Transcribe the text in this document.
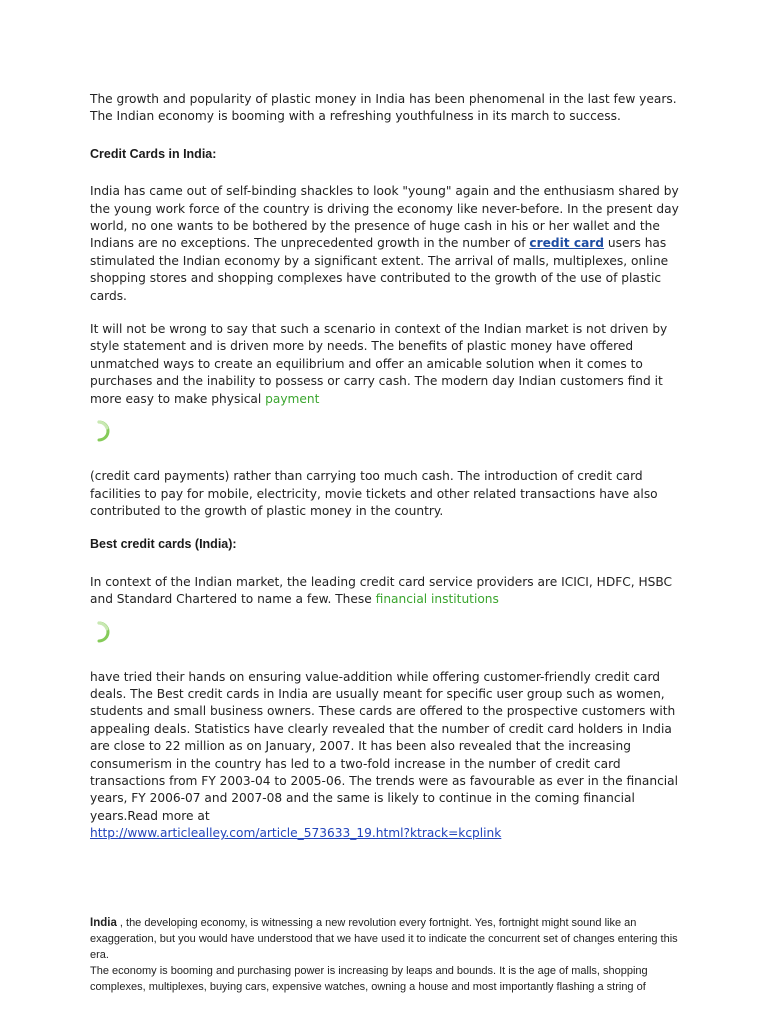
The growth and popularity of plastic money in India has been phenomenal in the last few years. The Indian economy is booming with a refreshing youthfulness in its march to success.

Credit Cards in India:

India has came out of self-binding shackles to look "young" again and the enthusiasm shared by the young work force of the country is driving the economy like never-before. In the present day world, no one wants to be bothered by the presence of huge cash in his or her wallet and the Indians are no exceptions. The unprecedented growth in the number of credit card users has stimulated the Indian economy by a significant extent. The arrival of malls, multiplexes, online shopping stores and shopping complexes have contributed to the growth of the use of plastic cards.

It will not be wrong to say that such a scenario in context of the Indian market is not driven by style statement and is driven more by needs. The benefits of plastic money have offered unmatched ways to create an equilibrium and offer an amicable solution when it comes to purchases and the inability to possess or carry cash. The modern day Indian customers find it more easy to make physical payment

(credit card payments) rather than carrying too much cash. The introduction of credit card facilities to pay for mobile, electricity, movie tickets and other related transactions have also contributed to the growth of plastic money in the country.

Best credit cards (India):

In context of the Indian market, the leading credit card service providers are ICICI, HDFC, HSBC and Standard Chartered to name a few. These financial institutions

have tried their hands on ensuring value-addition while offering customer-friendly credit card deals. The Best credit cards in India are usually meant for specific user group such as women, students and small business owners. These cards are offered to the prospective customers with appealing deals. Statistics have clearly revealed that the number of credit card holders in India are close to 22 million as on January, 2007. It has been also revealed that the increasing consumerism in the country has led to a two-fold increase in the number of credit card transactions from FY 2003-04 to 2005-06. The trends were as favourable as ever in the financial years, FY 2006-07 and 2007-08 and the same is likely to continue in the coming financial years.Read more at
http://www.articlealley.com/article_573633_19.html?ktrack=kcplink

India , the developing economy, is witnessing a new revolution every fortnight. Yes, fortnight might sound like an exaggeration, but you would have understood that we have used it to indicate the concurrent set of changes entering this era.

The economy is booming and purchasing power is increasing by leaps and bounds. It is the age of malls, shopping complexes, multiplexes, buying cars, expensive watches, owning a house and most importantly flashing a string of
